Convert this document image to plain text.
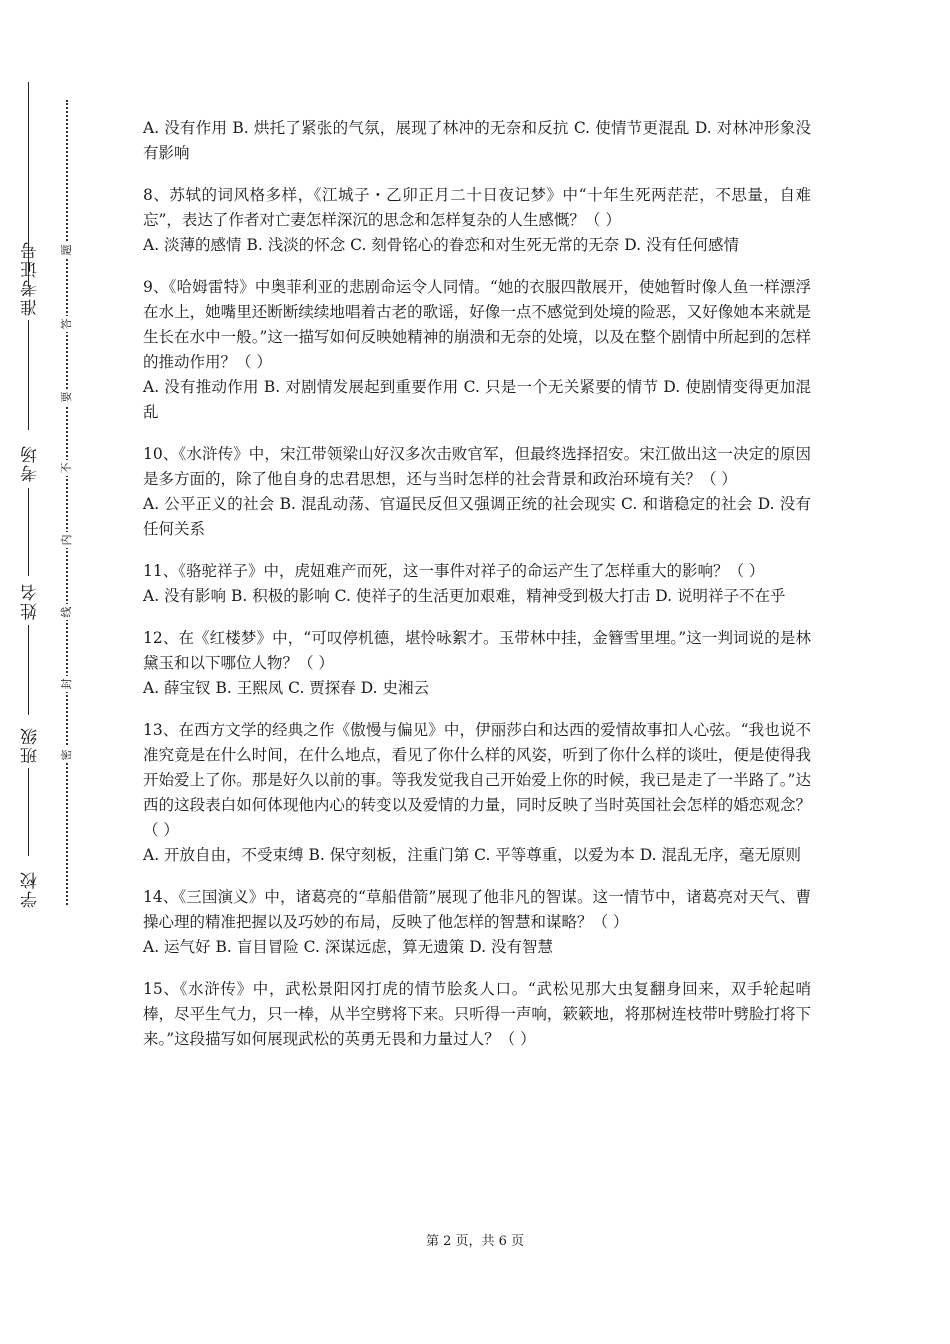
准考证号
考场
姓名
班级
学校
题
答
要
不
内
线
封
密

A. 没有作用 B. 烘托了紧张的气氛，展现了林冲的无奈和反抗 C. 使情节更混乱 D. 对林冲形象没有影响

8、苏轼的词风格多样，《江城子・乙卯正月二十日夜记梦》中“十年生死两茫茫，不思量，自难忘”，表达了作者对亡妻怎样深沉的思念和怎样复杂的人生感慨？（ ）

A. 淡薄的感情 B. 浅淡的怀念 C. 刻骨铭心的眷恋和对生死无常的无奈 D. 没有任何感情

9、《哈姆雷特》中奥菲利亚的悲剧命运令人同情。“她的衣服四散展开，使她暂时像人鱼一样漂浮在水上，她嘴里还断断续续地唱着古老的歌谣，好像一点不感觉到处境的险恶，又好像她本来就是生长在水中一般。”这一描写如何反映她精神的崩溃和无奈的处境，以及在整个剧情中所起到的怎样的推动作用？（ ）

A. 没有推动作用 B. 对剧情发展起到重要作用 C. 只是一个无关紧要的情节 D. 使剧情变得更加混乱

10、《水浒传》中，宋江带领梁山好汉多次击败官军，但最终选择招安。宋江做出这一决定的原因是多方面的，除了他自身的忠君思想，还与当时怎样的社会背景和政治环境有关？（ ）

A. 公平正义的社会 B. 混乱动荡、官逼民反但又强调正统的社会现实 C. 和谐稳定的社会 D. 没有任何关系

11、《骆驼祥子》中，虎妞难产而死，这一事件对祥子的命运产生了怎样重大的影响？（ ）

A. 没有影响 B. 积极的影响 C. 使祥子的生活更加艰难，精神受到极大打击 D. 说明祥子不在乎

12、在《红楼梦》中，“可叹停机德，堪怜咏絮才。玉带林中挂，金簪雪里埋。”这一判词说的是林黛玉和以下哪位人物？（ ）

A. 薛宝钗 B. 王熙凤 C. 贾探春 D. 史湘云

13、在西方文学的经典之作《傲慢与偏见》中，伊丽莎白和达西的爱情故事扣人心弦。“我也说不准究竟是在什么时间，在什么地点，看见了你什么样的风姿，听到了你什么样的谈吐，便是使得我开始爱上了你。那是好久以前的事。等我发觉我自己开始爱上你的时候，我已是走了一半路了。”达西的这段表白如何体现他内心的转变以及爱情的力量，同时反映了当时英国社会怎样的婚恋观念？（ ）

A. 开放自由，不受束缚 B. 保守刻板，注重门第 C. 平等尊重，以爱为本 D. 混乱无序，毫无原则

14、《三国演义》中，诸葛亮的“草船借箭”展现了他非凡的智谋。这一情节中，诸葛亮对天气、曹操心理的精准把握以及巧妙的布局，反映了他怎样的智慧和谋略？（ ）

A. 运气好 B. 盲目冒险 C. 深谋远虑，算无遗策 D. 没有智慧

15、《水浒传》中，武松景阳冈打虎的情节脍炙人口。“武松见那大虫复翻身回来，双手轮起哨棒，尽平生气力，只一棒，从半空劈将下来。只听得一声响，簌簌地，将那树连枝带叶劈脸打将下来。”这段描写如何展现武松的英勇无畏和力量过人？（ ）

第 2 页，共 6 页
